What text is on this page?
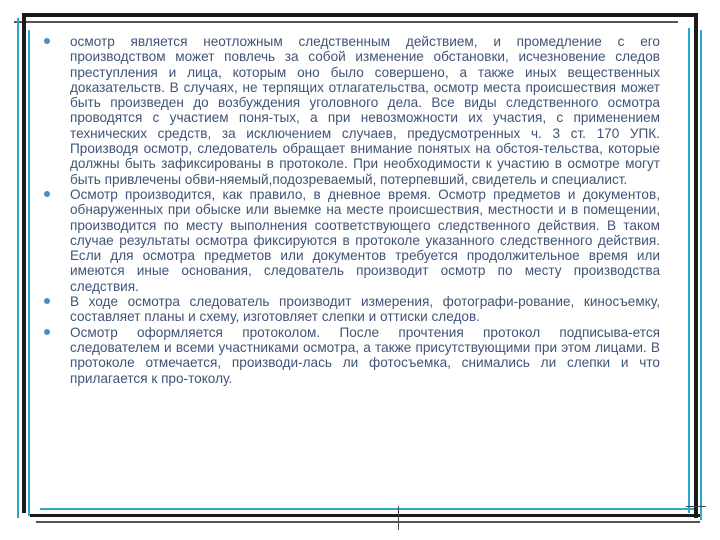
осмотр является неотложным следственным действием, и промедление с его производством может повлечь за собой изменение обстановки, исчезновение следов преступления и лица, которым оно было совершено, а также иных вещественных доказательств. В случаях, не терпящих отлагательства, осмотр места происшествия может быть произведен до возбуждения уголовного дела. Все виды следственного осмотра проводятся с участием поня-тых, а при невозможности их участия, с применением технических средств, за исключением случаев, предусмотренных ч. 3 ст. 170 УПК. Производя осмотр, следователь обращает внимание понятых на обстоя-тельства, которые должны быть зафиксированы в протоколе. При необходимости к участию в осмотре могут быть привлечены обви-няемый,подозреваемый, потерпевший, свидетель и специалист.
Осмотр производится, как правило, в дневное время. Осмотр предметов и документов, обнаруженных при обыске или выемке на месте происшествия, местности и в помещении, производится по месту выполнения соответствующего следственного действия. В таком случае результаты осмотра фиксируются в протоколе указанного следственного действия. Если для осмотра предметов или документов требуется продолжительное время или имеются иные основания, следователь производит осмотр по месту производства следствия.
В ходе осмотра следователь производит измерения, фотографи-рование, киносъемку, составляет планы и схему, изготовляет слепки и оттиски следов.
Осмотр оформляется протоколом. После прочтения протокол подписыва-ется следователем и всеми участниками осмотра, а также присутствующими при этом лицами. В протоколе отмечается, производи-лась ли фотосъемка, снимались ли слепки и что прилагается к про-токолу.
